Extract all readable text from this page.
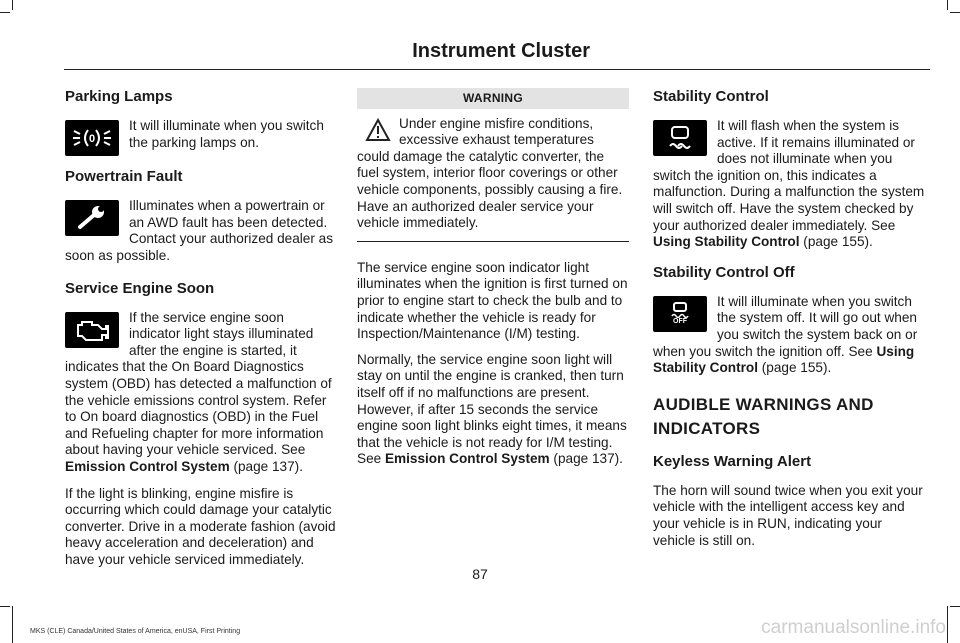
Instrument Cluster
Parking Lamps
0

It will illuminate when you switch the parking lamps on.

Powertrain Fault

Illuminates when a powertrain or an AWD fault has been detected. Contact your authorized dealer as soon as possible.

Service Engine Soon

If the service engine soon indicator light stays illuminated after the engine is started, it indicates that the On Board Diagnostics system (OBD) has detected a malfunction of the vehicle emissions control system. Refer to On board diagnostics (OBD) in the Fuel and Refueling chapter for more information about having your vehicle serviced. See Emission Control System (page 137).

If the light is blinking, engine misfire is occurring which could damage your catalytic converter. Drive in a moderate fashion (avoid heavy acceleration and deceleration) and have your vehicle serviced immediately.

WARNING

Under engine misfire conditions, excessive exhaust temperatures could damage the catalytic converter, the fuel system, interior floor coverings or other vehicle components, possibly causing a fire. Have an authorized dealer service your vehicle immediately.

The service engine soon indicator light illuminates when the ignition is first turned on prior to engine start to check the bulb and to indicate whether the vehicle is ready for Inspection/Maintenance (I/M) testing.

Normally, the service engine soon light will stay on until the engine is cranked, then turn itself off if no malfunctions are present. However, if after 15 seconds the service engine soon light blinks eight times, it means that the vehicle is not ready for I/M testing. See Emission Control System (page 137).

Stability Control

It will flash when the system is active. If it remains illuminated or does not illuminate when you switch the ignition on, this indicates a malfunction. During a malfunction the system will switch off. Have the system checked by your authorized dealer immediately. See Using Stability Control (page 155).

Stability Control Off
OFF

It will illuminate when you switch the system off. It will go out when you switch the system back on or when you switch the ignition off. See Using Stability Control (page 155).

AUDIBLE WARNINGS AND
INDICATORS
Keyless Warning Alert

The horn will sound twice when you exit your vehicle with the intelligent access key and your vehicle is in RUN, indicating your vehicle is still on.

87
MKS (CLE) Canada/United States of America, enUSA, First Printing	carmanualsonline.info
